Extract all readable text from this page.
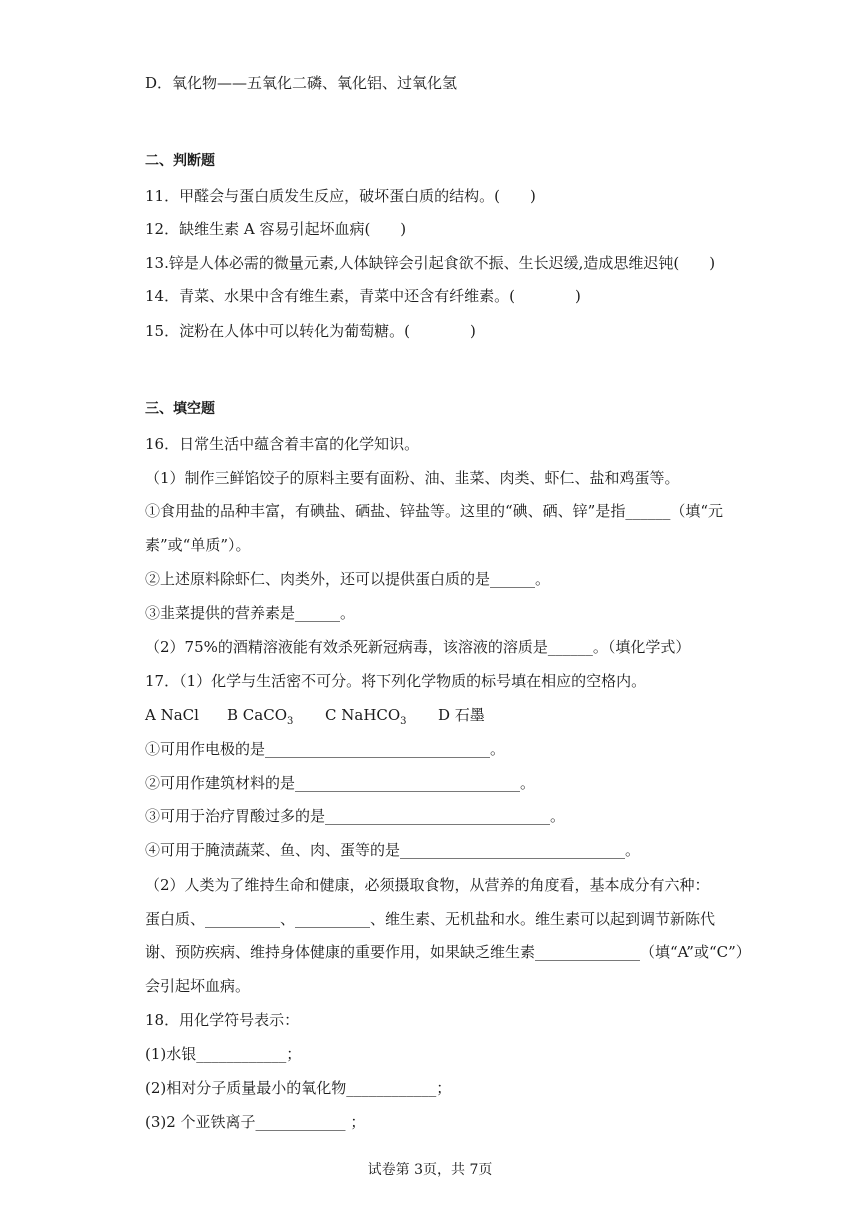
D．氧化物——五氧化二磷、氧化铝、过氧化氢
二、判断题
11．甲醛会与蛋白质发生反应，破坏蛋白质的结构。(　　)
12．缺维生素 A 容易引起坏血病(　　)
13.锌是人体必需的微量元素,人体缺锌会引起食欲不振、生长迟缓,造成思维迟钝(　　)
14．青菜、水果中含有维生素，青菜中还含有纤维素。(　　　　)
15．淀粉在人体中可以转化为葡萄糖。(　　　　)
三、填空题
16．日常生活中蕴含着丰富的化学知识。
（1）制作三鲜馅饺子的原料主要有面粉、油、韭菜、肉类、虾仁、盐和鸡蛋等。
①食用盐的品种丰富，有碘盐、硒盐、锌盐等。这里的“碘、硒、锌”是指______（填“元
素”或“单质”）。
②上述原料除虾仁、肉类外，还可以提供蛋白质的是______。
③韭菜提供的营养素是______。
（2）75%的酒精溶液能有效杀死新冠病毒，该溶液的溶质是______。（填化学式）
17．（1）化学与生活密不可分。将下列化学物质的标号填在相应的空格内。
A NaCl B CaCO$_3$ C NaHCO$_3$ D 石墨
①可用作电极的是______________________________。
②可用作建筑材料的是______________________________。
③可用于治疗胃酸过多的是______________________________。
④可用于腌渍蔬菜、鱼、肉、蛋等的是______________________________。
（2）人类为了维持生命和健康，必须摄取食物，从营养的角度看，基本成分有六种：
蛋白质、__________、__________、维生素、无机盐和水。维生素可以起到调节新陈代
谢、预防疾病、维持身体健康的重要作用，如果缺乏维生素______________（填“A”或“C”）
会引起坏血病。
18．用化学符号表示：
(1)水银____________；
(2)相对分子质量最小的氧化物____________；
(3)2 个亚铁离子____________ ；
试卷第 3页，共 7页
